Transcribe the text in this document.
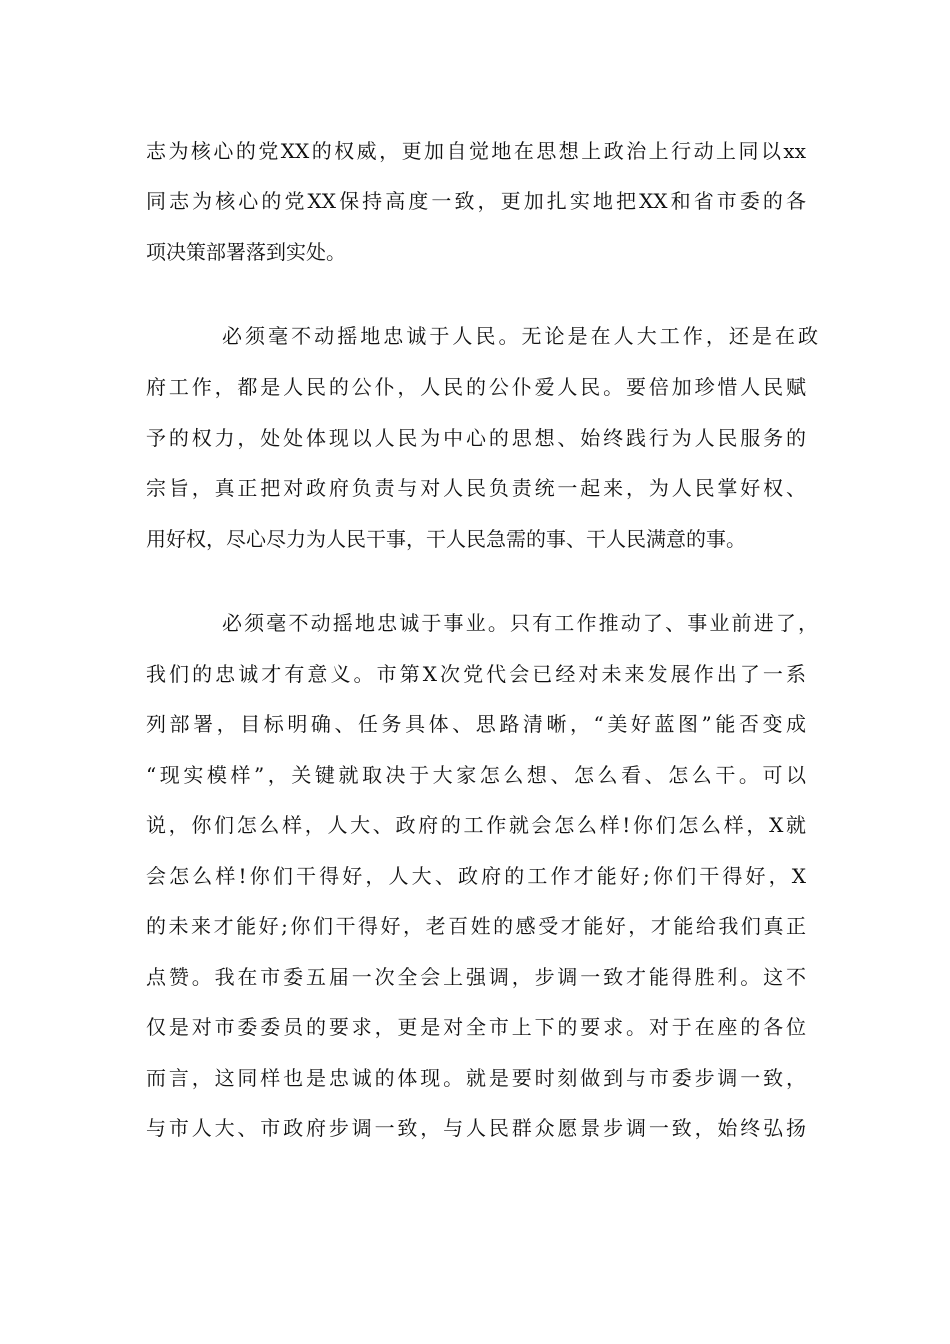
志为核心的党XX的权威，更加自觉地在思想上政治上行动上同以xx
同志为核心的党XX保持高度一致，更加扎实地把XX和省市委的各
项决策部署落到实处。
必须毫不动摇地忠诚于人民。无论是在人大工作，还是在政
府工作，都是人民的公仆，人民的公仆爱人民。要倍加珍惜人民赋
予的权力，处处体现以人民为中心的思想、始终践行为人民服务的
宗旨，真正把对政府负责与对人民负责统一起来，为人民掌好权、
用好权，尽心尽力为人民干事，干人民急需的事、干人民满意的事。
必须毫不动摇地忠诚于事业。只有工作推动了、事业前进了，
我们的忠诚才有意义。市第X次党代会已经对未来发展作出了一系
列部署，目标明确、任务具体、思路清晰，“美好蓝图”能否变成
“现实模样”，关键就取决于大家怎么想、怎么看、怎么干。可以
说，你们怎么样，人大、政府的工作就会怎么样!你们怎么样，X就
会怎么样!你们干得好，人大、政府的工作才能好;你们干得好，X
的未来才能好;你们干得好，老百姓的感受才能好，才能给我们真正
点赞。我在市委五届一次全会上强调，步调一致才能得胜利。这不
仅是对市委委员的要求，更是对全市上下的要求。对于在座的各位
而言，这同样也是忠诚的体现。就是要时刻做到与市委步调一致，
与市人大、市政府步调一致，与人民群众愿景步调一致，始终弘扬
